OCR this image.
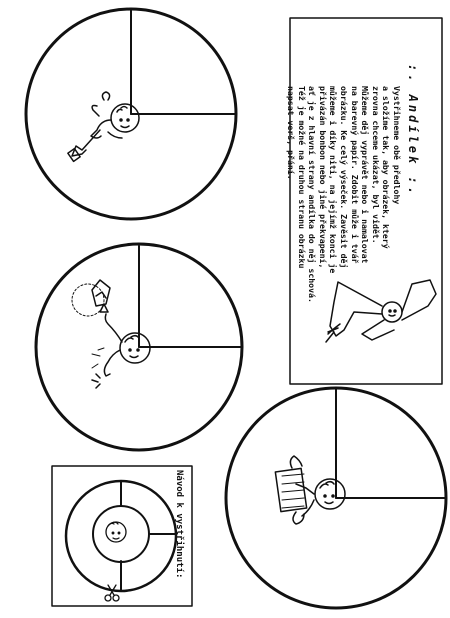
:. Andílek :.
Vystřihneme obě předlohy
a složíme tak, aby obrázek, který
zrovna chceme ukázat, byl vidět.
Můžeme děj vyprávět nebo i namalovat
na barevný papír. Zdobit může i tvář
obrázku. Ke celý výseček. Zavěsit děj
můžeme i díky niti, na jejímž konci je
přivázán bonbon nebo jiné překvapení,
ať je z hlavní strany andílka do něj schová.
Též je možné na druhou stranu obrázku
napsat verš, přání.
Návod k vystřihnutí:
